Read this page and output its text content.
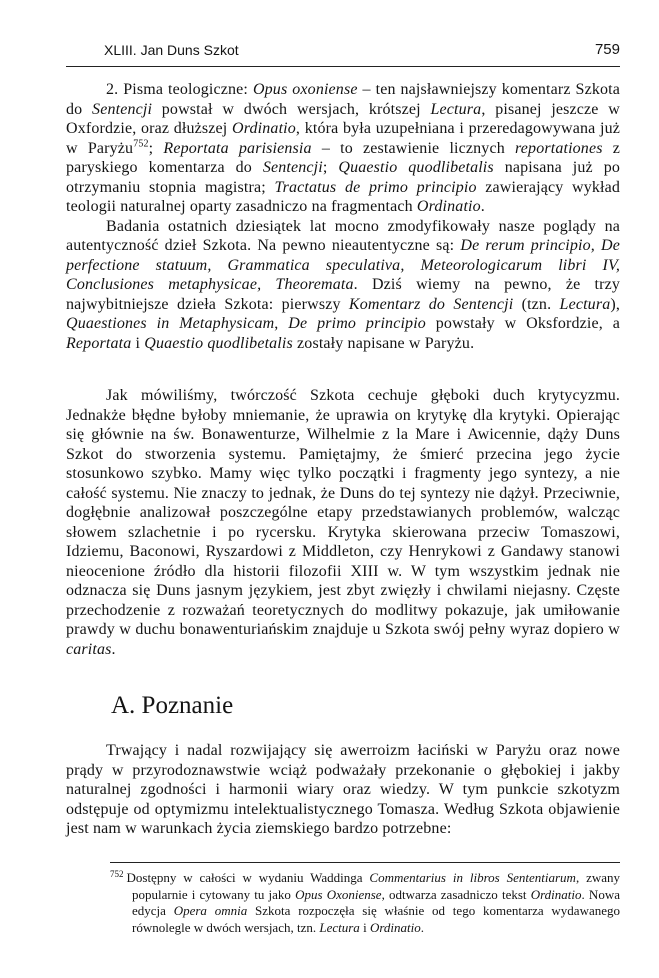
XLIII. Jan Duns Szkot	759

2. Pisma teologiczne: Opus oxoniense – ten najsławniejszy komentarz Szkota do Sentencji powstał w dwóch wersjach, krótszej Lectura, pisanej jeszcze w Oxfordzie, oraz dłuższej Ordinatio, która była uzupełniana i przeredagowywana już w Paryżu$^{752}$; Reportata parisiensia – to zestawienie licznych reportationes z paryskiego komentarza do Sentencji; Quaestio quodlibetalis napisana już po otrzymaniu stopnia magistra; Tractatus de primo principio zawierający wykład teologii naturalnej oparty zasadniczo na fragmentach Ordinatio.

Badania ostatnich dziesiątek lat mocno zmodyfikowały nasze poglądy na autentyczność dzieł Szkota. Na pewno nieautentyczne są: De rerum principio, De perfectione statuum, Grammatica speculativa, Meteorologicarum libri IV, Conclusiones metaphysicae, Theoremata. Dziś wiemy na pewno, że trzy najwybitniejsze dzieła Szkota: pierwszy Komentarz do Sentencji (tzn. Lectura), Quaestiones in Metaphysicam, De primo principio powstały w Oksfordzie, a Reportata i Quaestio quodlibetalis zostały napisane w Paryżu.

Jak mówiliśmy, twórczość Szkota cechuje głęboki duch krytycyzmu. Jednakże błędne byłoby mniemanie, że uprawia on krytykę dla krytyki. Opierając się głównie na św. Bonawenturze, Wilhelmie z la Mare i Awicennie, dąży Duns Szkot do stworzenia systemu. Pamiętajmy, że śmierć przecina jego życie stosunkowo szybko. Mamy więc tylko początki i fragmenty jego syntezy, a nie całość systemu. Nie znaczy to jednak, że Duns do tej syntezy nie dążył. Przeciwnie, dogłębnie analizował poszczególne etapy przedstawianych problemów, walcząc słowem szlachetnie i po rycersku. Krytyka skierowana przeciw Tomaszowi, Idziemu, Baconowi, Ryszardowi z Middleton, czy Henrykowi z Gandawy stanowi nieocenione źródło dla historii filozofii XIII w. W tym wszystkim jednak nie odznacza się Duns jasnym językiem, jest zbyt zwięzły i chwilami niejasny. Częste przechodzenie z rozważań teoretycznych do modlitwy pokazuje, jak umiłowanie prawdy w duchu bonawenturiańskim znajduje u Szkota swój pełny wyraz dopiero w caritas.

A. Poznanie

Trwający i nadal rozwijający się awerroizm łaciński w Paryżu oraz nowe prądy w przyrodoznawstwie wciąż podważały przekonanie o głębokiej i jakby naturalnej zgodności i harmonii wiary oraz wiedzy. W tym punkcie szkotyzm odstępuje od optymizmu intelektualistycznego Tomasza. Według Szkota objawienie jest nam w warunkach życia ziemskiego bardzo potrzebne:

$^{752}$ Dostępny w całości w wydaniu Waddinga Commentarius in libros Sententiarum, zwany popularnie i cytowany tu jako Opus Oxoniense, odtwarza zasadniczo tekst Ordinatio. Nowa edycja Opera omnia Szkota rozpoczęła się właśnie od tego komentarza wydawanego równolegle w dwóch wersjach, tzn. Lectura i Ordinatio.
